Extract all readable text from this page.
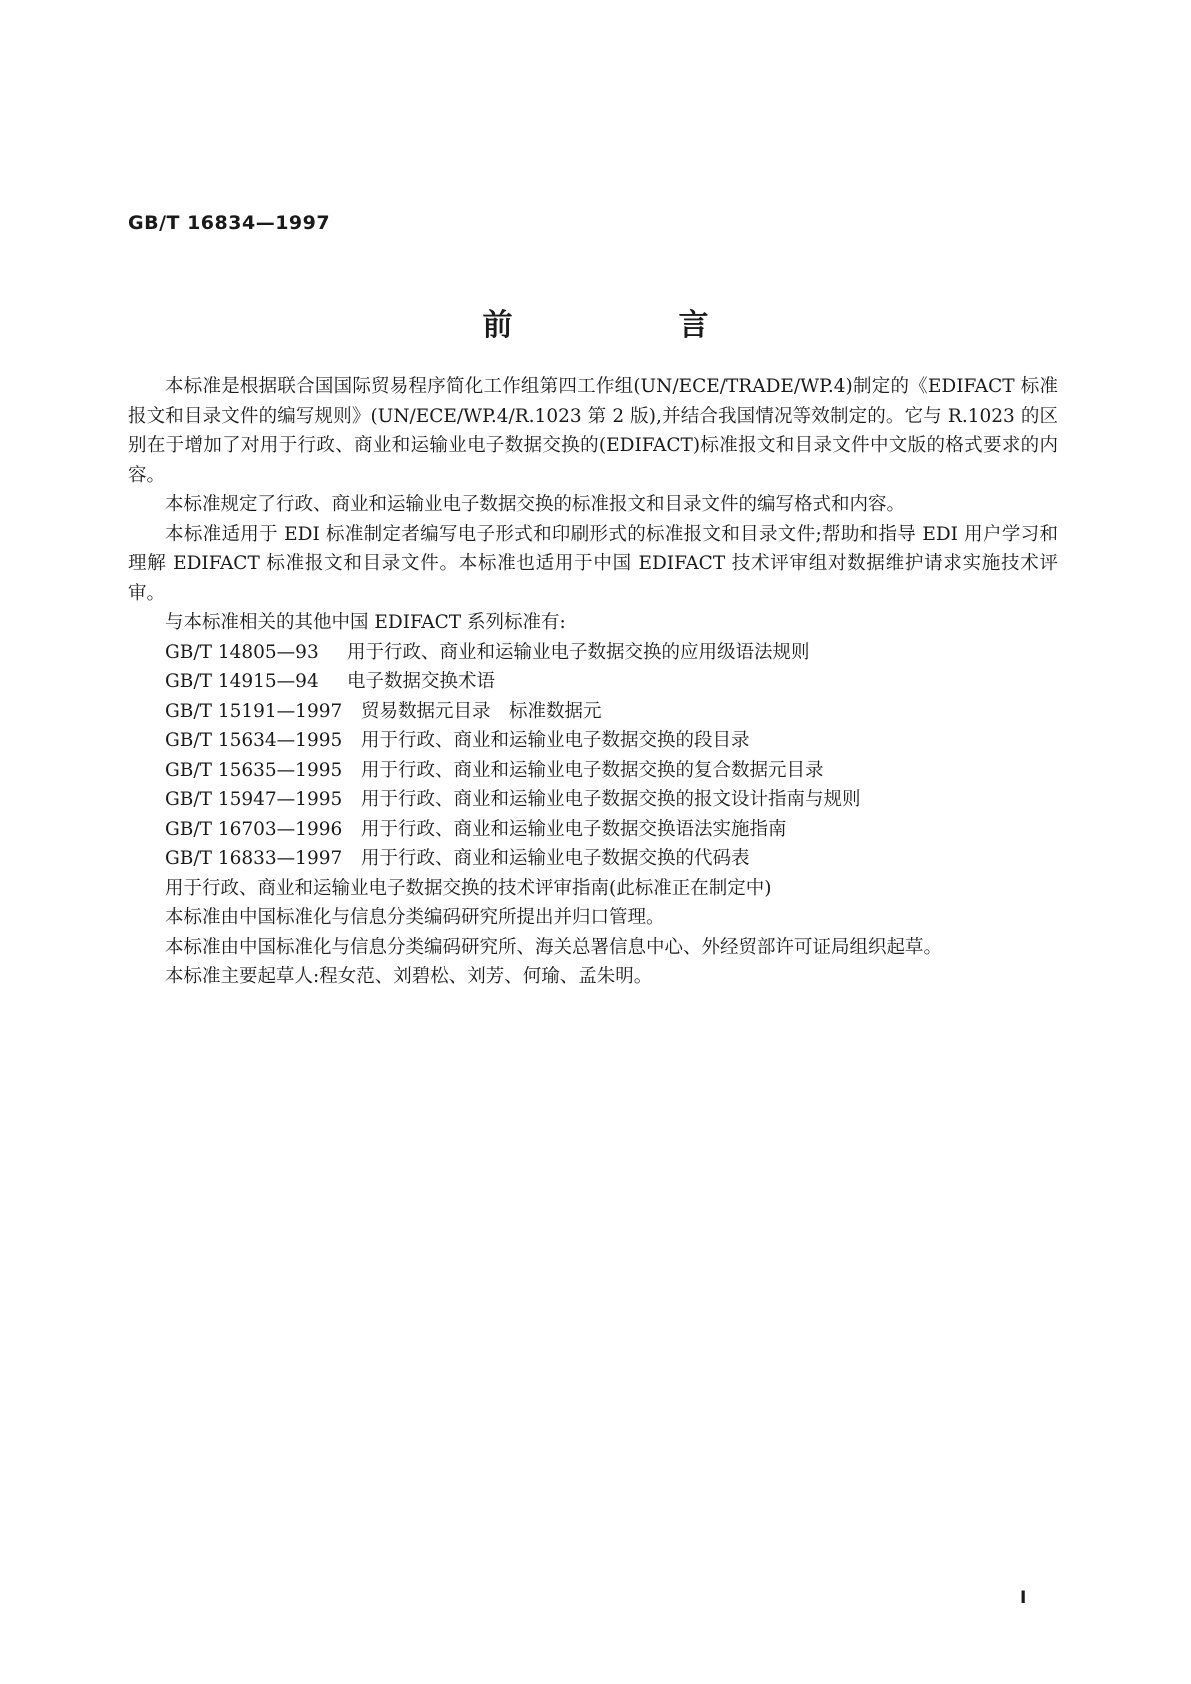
GB/T 16834—1997
前　言

本标准是根据联合国国际贸易程序简化工作组第四工作组(UN/ECE/TRADE/WP.4)制定的《EDIFACT 标准报文和目录文件的编写规则》(UN/ECE/WP.4/R.1023 第 2 版),并结合我国情况等效制定的。它与 R.1023 的区别在于增加了对用于行政、商业和运输业电子数据交换的(EDIFACT)标准报文和目录文件中文版的格式要求的内容。

本标准规定了行政、商业和运输业电子数据交换的标准报文和目录文件的编写格式和内容。

本标准适用于 EDI 标准制定者编写电子形式和印刷形式的标准报文和目录文件;帮助和指导 EDI 用户学习和理解 EDIFACT 标准报文和目录文件。本标准也适用于中国 EDIFACT 技术评审组对数据维护请求实施技术评审。

与本标准相关的其他中国 EDIFACT 系列标准有:

GB/T 14805—93 用于行政、商业和运输业电子数据交换的应用级语法规则
GB/T 14915—94 电子数据交换术语
GB/T 15191—1997 贸易数据元目录　标准数据元
GB/T 15634—1995 用于行政、商业和运输业电子数据交换的段目录
GB/T 15635—1995 用于行政、商业和运输业电子数据交换的复合数据元目录
GB/T 15947—1995 用于行政、商业和运输业电子数据交换的报文设计指南与规则
GB/T 16703—1996 用于行政、商业和运输业电子数据交换语法实施指南
GB/T 16833—1997 用于行政、商业和运输业电子数据交换的代码表

用于行政、商业和运输业电子数据交换的技术评审指南(此标准正在制定中)

本标准由中国标准化与信息分类编码研究所提出并归口管理。

本标准由中国标准化与信息分类编码研究所、海关总署信息中心、外经贸部许可证局组织起草。

本标准主要起草人:程女范、刘碧松、刘芳、何瑜、孟朱明。

Ⅰ
